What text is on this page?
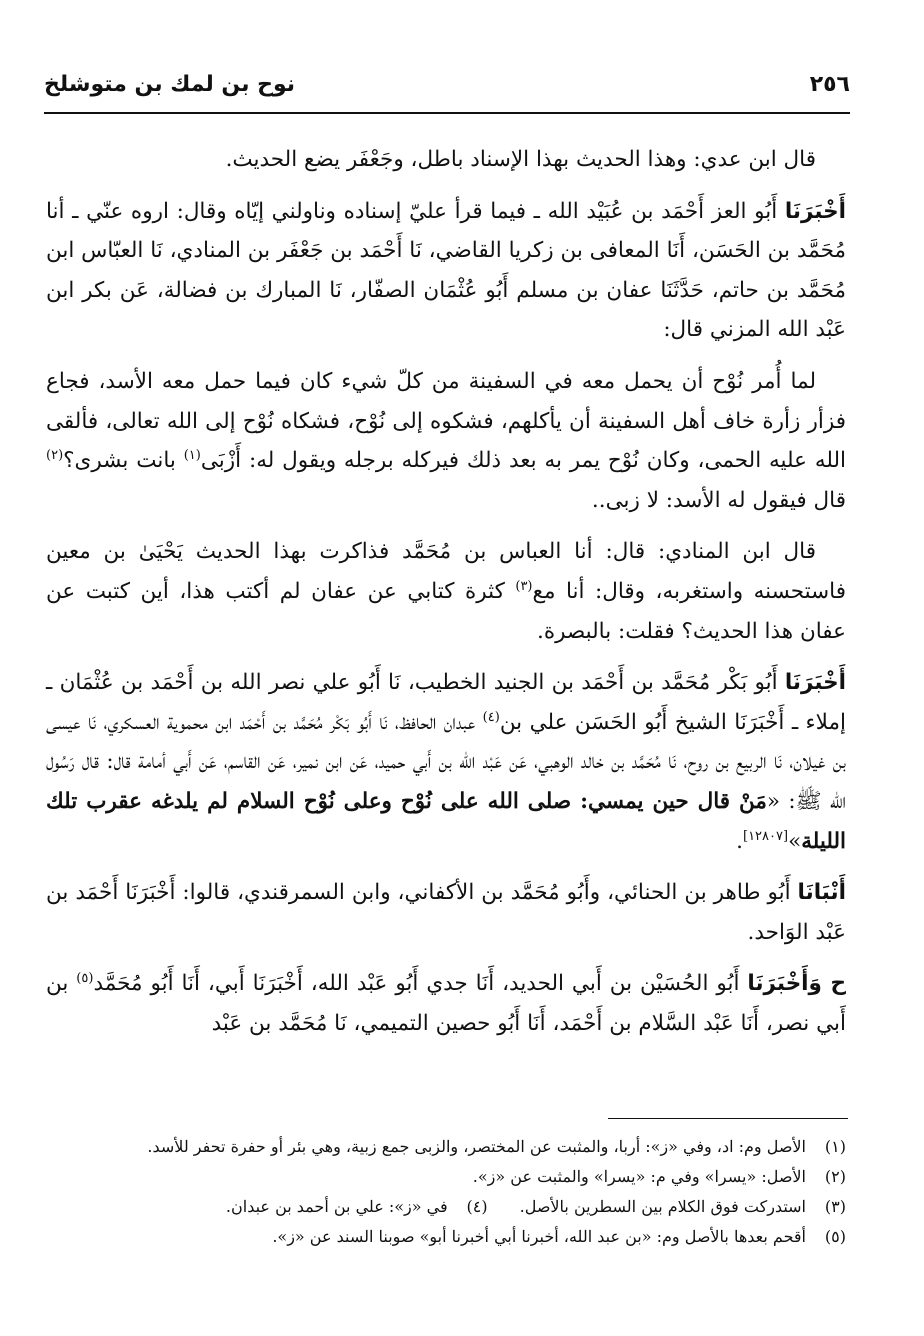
٢٥٦
نوح بن لمك بن متوشلخ

قال ابن عدي: وهذا الحديث بهذا الإسناد باطل، وجَعْفَر يضع الحديث.

أَخْبَرَنَا أَبُو العز أَحْمَد بن عُبَيْد الله ـ فيما قرأ عليّ إسناده وناولني إيّاه وقال: اروه عنّي ـ أنا مُحَمَّد بن الحَسَن، أَنَا المعافى بن زكريا القاضي، نَا أَحْمَد بن جَعْفَر بن المنادي، نَا العبّاس ابن مُحَمَّد بن حاتم، حَدَّثَنَا عفان بن مسلم أَبُو عُثْمَان الصفّار، نَا المبارك بن فضالة، عَن بكر ابن عَبْد الله المزني قال:

لما أُمر نُوْح أن يحمل معه في السفينة من كلّ شيء كان فيما حمل معه الأسد، فجاع فزأر زأرة خاف أهل السفينة أن يأكلهم، فشكوه إلى نُوْح، فشكاه نُوْح إلى الله تعالى، فألقى الله عليه الحمى، وكان نُوْح يمر به بعد ذلك فيركله برجله ويقول له: أَزْبَى$^{(١)}$ بانت بشرى؟$^{(٢)}$ قال فيقول له الأسد: لا زبى..

قال ابن المنادي: قال: أنا العباس بن مُحَمَّد فذاكرت بهذا الحديث يَحْيَىٰ بن معين فاستحسنه واستغربه، وقال: أنا مع$^{(٣)}$ كثرة كتابي عن عفان لم أكتب هذا، أين كتبت عن عفان هذا الحديث؟ فقلت: بالبصرة.

أَخْبَرَنَا أَبُو بَكْر مُحَمَّد بن أَحْمَد بن الجنيد الخطيب، نَا أَبُو علي نصر الله بن أَحْمَد بن عُثْمَان ـ إملاء ـ أَخْبَرَنَا الشيخ أَبُو الحَسَن علي بن$^{(٤)}$ عبدان الحافظ، نَا أَبُو بَكْر مُحَمَّد بن أَحْمَد ابن محموية العسكري، نَا عيسى بن غيلان، نَا الربيع بن روح، نَا مُحَمَّد بن خالد الوهبي، عَن عَبْد الله بن أَبي حميد، عَن ابن نمير، عَن القاسم، عَن أَبي أمامة قال: قال رَسُول الله ﷺ: «مَنْ قال حين يمسي: صلى الله على نُوْح وعلى نُوْح السلام لم يلدغه عقرب تلك الليلة»[١٢٨٠٧].

أَنْبَانَا أَبُو طاهر بن الحنائي، وأَبُو مُحَمَّد بن الأكفاني، وابن السمرقندي، قالوا: أَخْبَرَنَا أَحْمَد بن عَبْد الوَاحد.

ح وَأَخْبَرَنَا أَبُو الحُسَيْن بن أَبي الحديد، أَنَا جدي أَبُو عَبْد الله، أَخْبَرَنَا أَبي، أَنَا أَبُو مُحَمَّد$^{(٥)}$ بن أَبي نصر، أَنَا عَبْد السَّلام بن أَحْمَد، أَنَا أَبُو حصين التميمي، نَا مُحَمَّد بن عَبْد

(١)
الأصل وم: اد، وفي «ز»: أربا، والمثبت عن المختصر، والزبى جمع زبية، وهي بئر أو حفرة تحفر للأسد.
(٢)
الأصل: «يسرا» وفي م: «يسرا» والمثبت عن «ز».
(٣)
استدركت فوق الكلام بين السطرين بالأصل.
(٤)
في «ز»: علي بن أحمد بن عبدان.
(٥)
أقحم بعدها بالأصل وم: «بن عبد الله، أخبرنا أبي أخبرنا أبو» صوبنا السند عن «ز».
